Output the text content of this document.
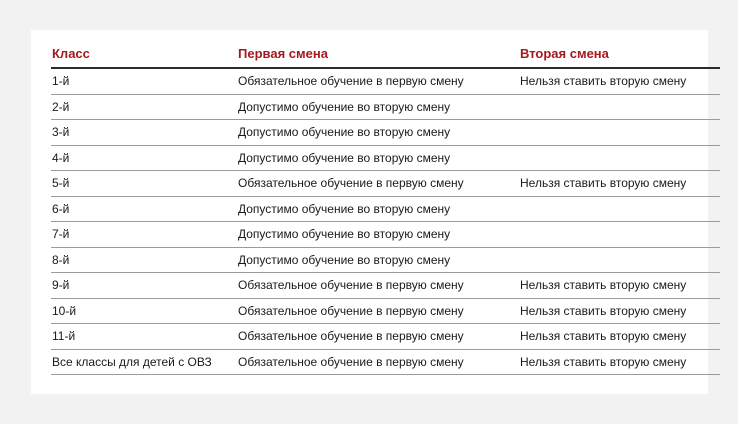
Класс	Первая смена	Вторая смена
1-й	Обязательное обучение в первую смену	Нельзя ставить вторую смену
2-й	Допустимо обучение во вторую смену	
3-й	Допустимо обучение во вторую смену	
4-й	Допустимо обучение во вторую смену	
5-й	Обязательное обучение в первую смену	Нельзя ставить вторую смену
6-й	Допустимо обучение во вторую смену	
7-й	Допустимо обучение во вторую смену	
8-й	Допустимо обучение во вторую смену	
9-й	Обязательное обучение в первую смену	Нельзя ставить вторую смену
10-й	Обязательное обучение в первую смену	Нельзя ставить вторую смену
11-й	Обязательное обучение в первую смену	Нельзя ставить вторую смену
Все классы для детей с ОВЗ	Обязательное обучение в первую смену	Нельзя ставить вторую смену
